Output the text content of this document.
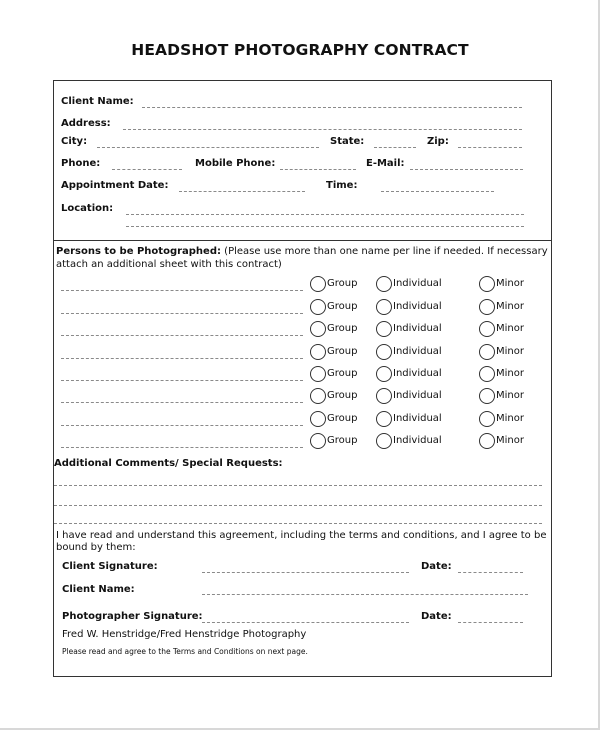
HEADSHOT PHOTOGRAPHY CONTRACT
Client Name:
Address:
City:	State:	Zip:
Phone:	Mobile Phone:	E-Mail:
Appointment Date:	Time:
Location:
Persons to be Photographed: (Please use more than one name per line if needed. If necessary
attach an additional sheet with this contract)
Group	Individual	Minor
Group	Individual	Minor
Group	Individual	Minor
Group	Individual	Minor
Group	Individual	Minor
Group	Individual	Minor
Group	Individual	Minor
Group	Individual	Minor
Additional Comments/ Special Requests:
I have read and understand this agreement, including the terms and conditions, and I agree to be
bound by them:
Client Signature:	Date:
Client Name:
Photographer Signature:	Date:
Fred W. Henstridge/Fred Henstridge Photography
Please read and agree to the Terms and Conditions on next page.
